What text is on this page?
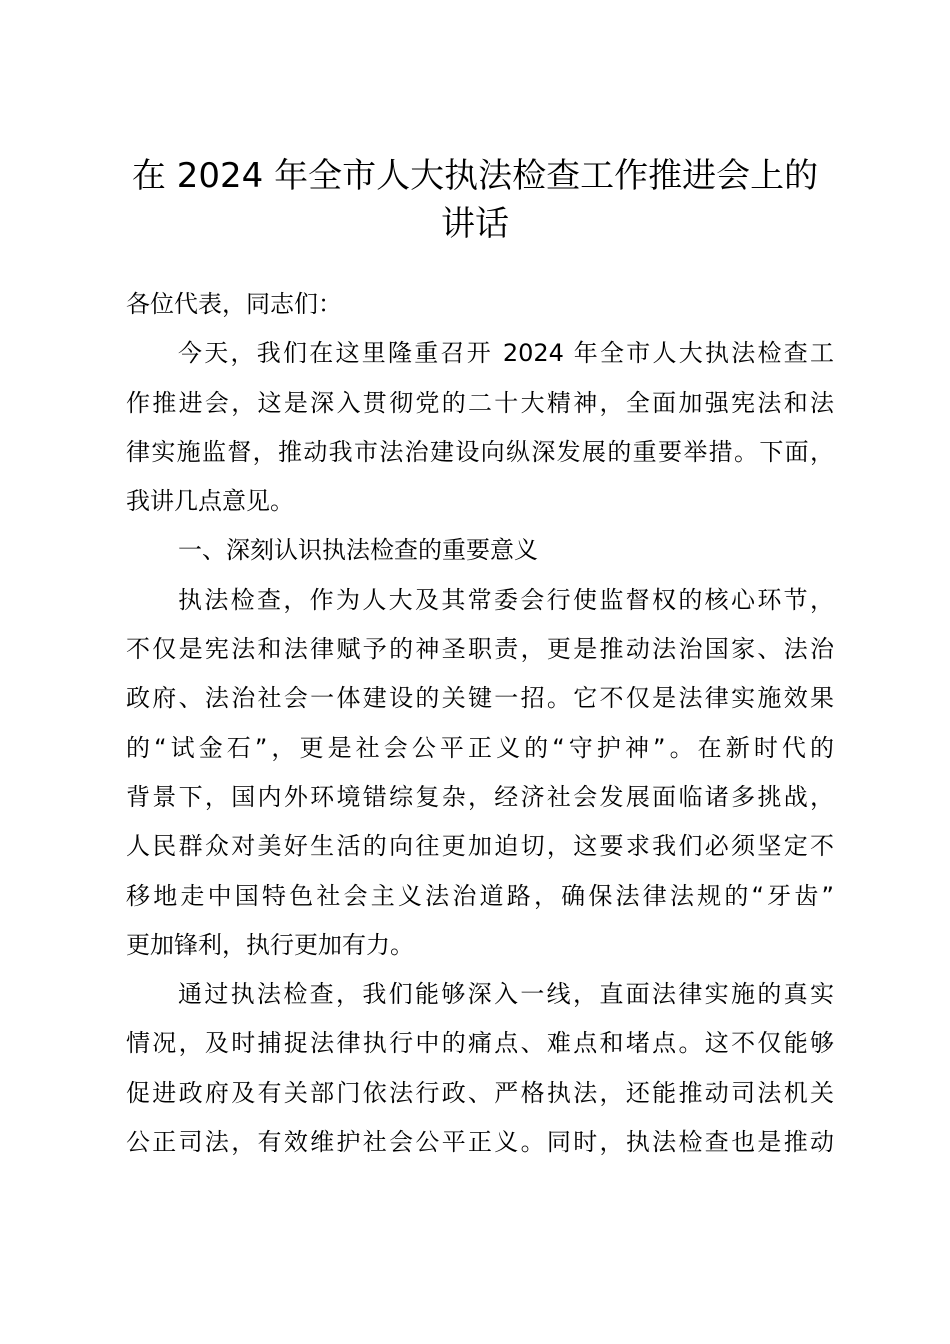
在 2024 年全市人大执法检查工作推进会上的
讲话
各位代表，同志们：
今天，我们在这里隆重召开 2024 年全市人大执法检查工
作推进会，这是深入贯彻党的二十大精神，全面加强宪法和法
律实施监督，推动我市法治建设向纵深发展的重要举措。下面，
我讲几点意见。
一、深刻认识执法检查的重要意义
执法检查，作为人大及其常委会行使监督权的核心环节，
不仅是宪法和法律赋予的神圣职责，更是推动法治国家、法治
政府、法治社会一体建设的关键一招。它不仅是法律实施效果
的“试金石”，更是社会公平正义的“守护神”。在新时代的
背景下，国内外环境错综复杂，经济社会发展面临诸多挑战，
人民群众对美好生活的向往更加迫切，这要求我们必须坚定不
移地走中国特色社会主义法治道路，确保法律法规的“牙齿”
更加锋利，执行更加有力。
通过执法检查，我们能够深入一线，直面法律实施的真实
情况，及时捕捉法律执行中的痛点、难点和堵点。这不仅能够
促进政府及有关部门依法行政、严格执法，还能推动司法机关
公正司法，有效维护社会公平正义。同时，执法检查也是推动
